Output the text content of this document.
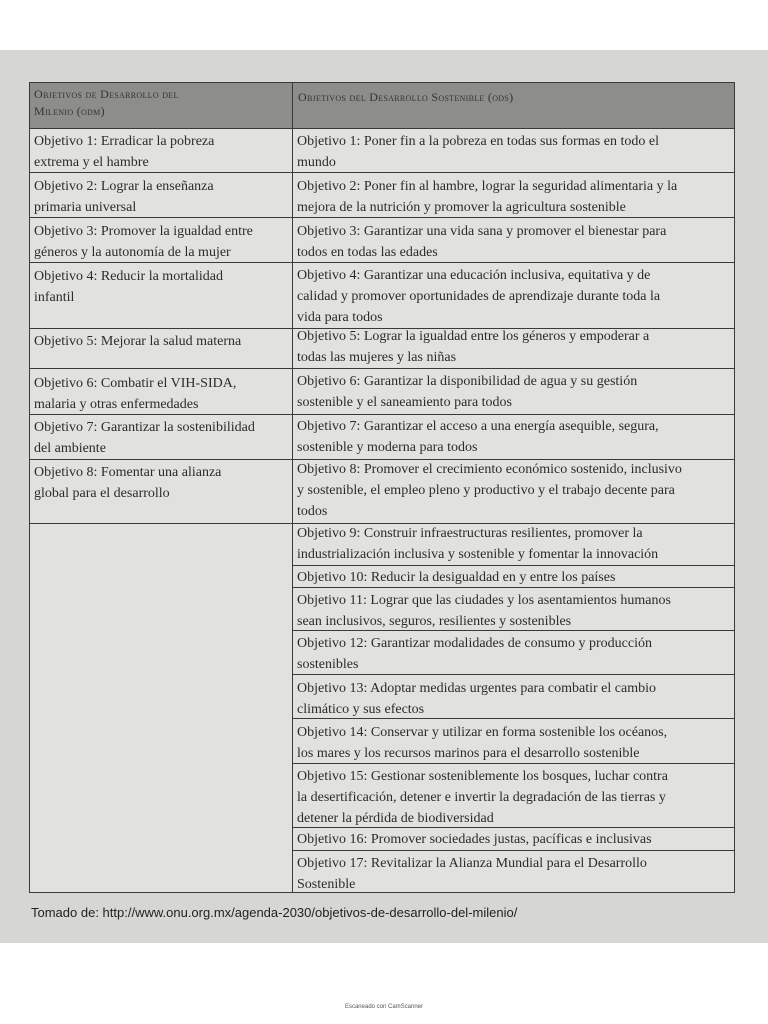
Objetivos de Desarrollo del
Milenio (odm)
Objetivos del Desarrollo Sostenible (ods)
Objetivo 1: Erradicar la pobreza
extrema y el hambre
Objetivo 2: Lograr la enseñanza
primaria universal
Objetivo 3: Promover la igualdad entre
géneros y la autonomía de la mujer
Objetivo 4: Reducir la mortalidad
infantil
Objetivo 5: Mejorar la salud materna
Objetivo 6: Combatir el VIH-SIDA,
malaria y otras enfermedades
Objetivo 7: Garantizar la sostenibilidad
del ambiente
Objetivo 8: Fomentar una alianza
global para el desarrollo
Objetivo 1: Poner fin a la pobreza en todas sus formas en todo el
mundo
Objetivo 2: Poner fin al hambre, lograr la seguridad alimentaria y la
mejora de la nutrición y promover la agricultura sostenible
Objetivo 3: Garantizar una vida sana y promover el bienestar para
todos en todas las edades
Objetivo 4: Garantizar una educación inclusiva, equitativa y de
calidad y promover oportunidades de aprendizaje durante toda la
vida para todos
Objetivo 5: Lograr la igualdad entre los géneros y empoderar a
todas las mujeres y las niñas
Objetivo 6: Garantizar la disponibilidad de agua y su gestión
sostenible y el saneamiento para todos
Objetivo 7: Garantizar el acceso a una energía asequible, segura,
sostenible y moderna para todos
Objetivo 8: Promover el crecimiento económico sostenido, inclusivo
y sostenible, el empleo pleno y productivo y el trabajo decente para
todos
Objetivo 9: Construir infraestructuras resilientes, promover la
industrialización inclusiva y sostenible y fomentar la innovación
Objetivo 10: Reducir la desigualdad en y entre los países
Objetivo 11: Lograr que las ciudades y los asentamientos humanos
sean inclusivos, seguros, resilientes y sostenibles
Objetivo 12: Garantizar modalidades de consumo y producción
sostenibles
Objetivo 13: Adoptar medidas urgentes para combatir el cambio
climático y sus efectos
Objetivo 14: Conservar y utilizar en forma sostenible los océanos,
los mares y los recursos marinos para el desarrollo sostenible
Objetivo 15: Gestionar sosteniblemente los bosques, luchar contra
la desertificación, detener e invertir la degradación de las tierras y
detener la pérdida de biodiversidad
Objetivo 16: Promover sociedades justas, pacíficas e inclusivas
Objetivo 17: Revitalizar la Alianza Mundial para el Desarrollo
Sostenible
Tomado de: http://www.onu.org.mx/agenda-2030/objetivos-de-desarrollo-del-milenio/
Escaneado con CamScanner
